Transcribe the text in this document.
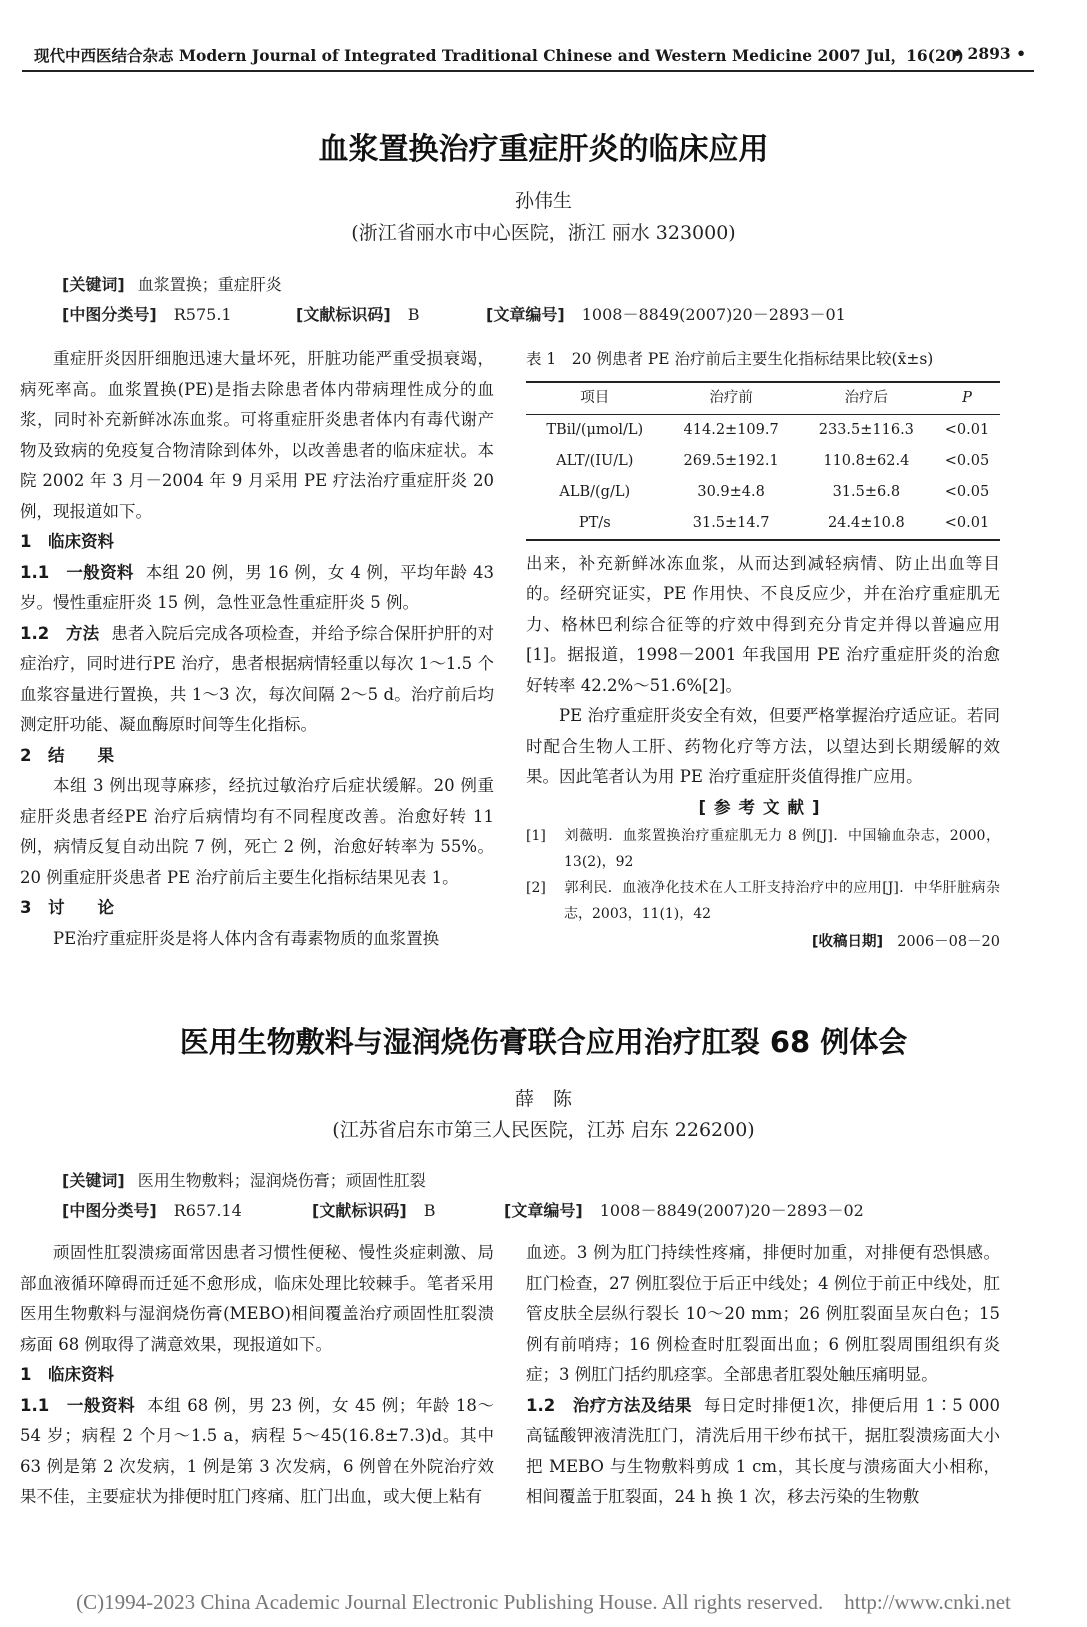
现代中西医结合杂志 Modern Journal of Integrated Traditional Chinese and Western Medicine 2007 Jul，16(20)
• 2893 •
血浆置换治疗重症肝炎的临床应用
孙伟生
(浙江省丽水市中心医院，浙江 丽水 323000)
[关键词] 血浆置换；重症肝炎
[中图分类号] R575.1	[文献标识码] B	[文章编号] 1008－8849(2007)20－2893－01

重症肝炎因肝细胞迅速大量坏死，肝脏功能严重受损衰竭，病死率高。血浆置换(PE)是指去除患者体内带病理性成分的血浆，同时补充新鲜冰冻血浆。可将重症肝炎患者体内有毒代谢产物及致病的免疫复合物清除到体外，以改善患者的临床症状。本院 2002 年 3 月－2004 年 9 月采用 PE 疗法治疗重症肝炎 20 例，现报道如下。

1　临床资料
1.1　一般资料 本组 20 例，男 16 例，女 4 例，平均年龄 43 岁。慢性重症肝炎 15 例，急性亚急性重症肝炎 5 例。
1.2　方法 患者入院后完成各项检查，并给予综合保肝护肝的对症治疗，同时进行PE 治疗，患者根据病情轻重以每次 1～1.5 个血浆容量进行置换，共 1～3 次，每次间隔 2～5 d。治疗前后均测定肝功能、凝血酶原时间等生化指标。
2　结　　果

本组 3 例出现荨麻疹，经抗过敏治疗后症状缓解。20 例重症肝炎患者经PE 治疗后病情均有不同程度改善。治愈好转 11 例，病情反复自动出院 7 例，死亡 2 例，治愈好转率为 55%。20 例重症肝炎患者 PE 治疗前后主要生化指标结果见表 1。

3　讨　　论

PE治疗重症肝炎是将人体内含有毒素物质的血浆置换

表 1　20 例患者 PE 治疗前后主要生化指标结果比较(x̄±s)
项目	治疗前	治疗后	P
TBil/(μmol/L)	414.2±109.7	233.5±116.3	<0.01
ALT/(IU/L)	269.5±192.1	110.8±62.4	<0.05
ALB/(g/L)	30.9±4.8	31.5±6.8	<0.05
PT/s	31.5±14.7	24.4±10.8	<0.01

出来，补充新鲜冰冻血浆，从而达到减轻病情、防止出血等目的。经研究证实，PE 作用快、不良反应少，并在治疗重症肌无力、格林巴利综合征等的疗效中得到充分肯定并得以普遍应用[1]。据报道，1998－2001 年我国用 PE 治疗重症肝炎的治愈好转率 42.2%～51.6%[2]。

PE 治疗重症肝炎安全有效，但要严格掌握治疗适应证。若同时配合生物人工肝、药物化疗等方法，以望达到长期缓解的效果。因此笔者认为用 PE 治疗重症肝炎值得推广应用。

[参考文献]
[1] 刘薇明．血浆置换治疗重症肌无力 8 例[J]．中国输血杂志，2000，13(2)，92
[2] 郭利民．血液净化技术在人工肝支持治疗中的应用[J]．中华肝脏病杂志，2003，11(1)，42
[收稿日期] 2006－08－20
医用生物敷料与湿润烧伤膏联合应用治疗肛裂 68 例体会
薛　陈
(江苏省启东市第三人民医院，江苏 启东 226200)
[关键词] 医用生物敷料；湿润烧伤膏；顽固性肛裂
[中图分类号] R657.14	[文献标识码] B	[文章编号] 1008－8849(2007)20－2893－02

顽固性肛裂溃疡面常因患者习惯性便秘、慢性炎症刺激、局部血液循环障碍而迁延不愈形成，临床处理比较棘手。笔者采用医用生物敷料与湿润烧伤膏(MEBO)相间覆盖治疗顽固性肛裂溃疡面 68 例取得了满意效果，现报道如下。

1　临床资料
1.1　一般资料 本组 68 例，男 23 例，女 45 例；年龄 18～54 岁；病程 2 个月～1.5 a，病程 5～45(16.8±7.3)d。其中 63 例是第 2 次发病，1 例是第 3 次发病，6 例曾在外院治疗效果不佳，主要症状为排便时肛门疼痛、肛门出血，或大便上粘有

血迹。3 例为肛门持续性疼痛，排便时加重，对排便有恐惧感。肛门检查，27 例肛裂位于后正中线处；4 例位于前正中线处，肛管皮肤全层纵行裂长 10～20 mm；26 例肛裂面呈灰白色；15 例有前哨痔；16 例检查时肛裂面出血；6 例肛裂周围组织有炎症；3 例肛门括约肌痉挛。全部患者肛裂处触压痛明显。

1.2　治疗方法及结果 每日定时排便1次，排便后用 1∶5 000 高锰酸钾液清洗肛门，清洗后用干纱布拭干，据肛裂溃疡面大小把 MEBO 与生物敷料剪成 1 cm，其长度与溃疡面大小相称，相间覆盖于肛裂面，24 h 换 1 次，移去污染的生物敷
(C)1994-2023 China Academic Journal Electronic Publishing House. All rights reserved.　http://www.cnki.net
